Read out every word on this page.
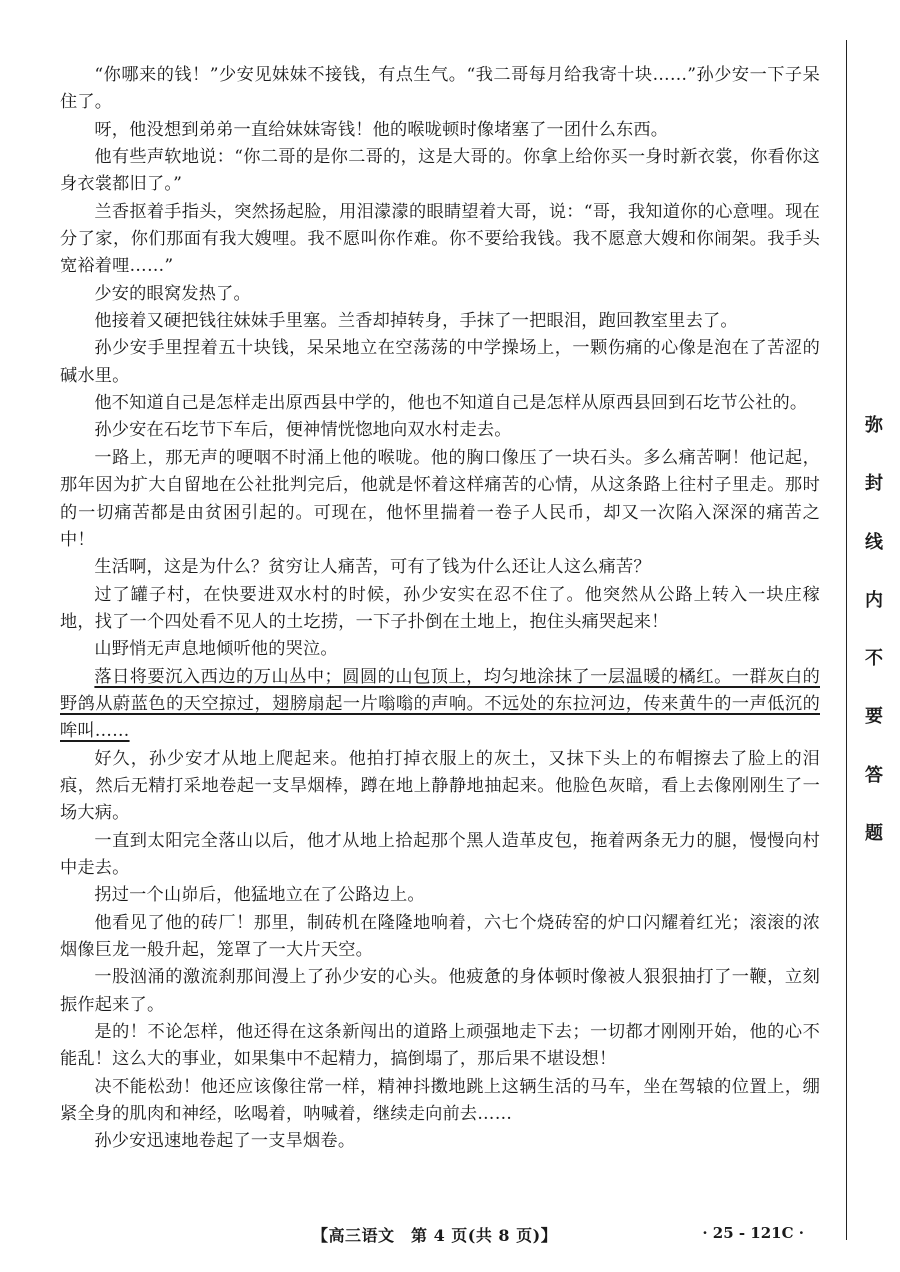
“你哪来的钱！”少安见妹妹不接钱，有点生气。“我二哥每月给我寄十块……”孙少安一下子呆住了。

呀，他没想到弟弟一直给妹妹寄钱！他的喉咙顿时像堵塞了一团什么东西。

他有些声软地说：“你二哥的是你二哥的，这是大哥的。你拿上给你买一身时新衣裳，你看你这身衣裳都旧了。”

兰香抠着手指头，突然扬起脸，用泪濛濛的眼睛望着大哥，说：“哥，我知道你的心意哩。现在分了家，你们那面有我大嫂哩。我不愿叫你作难。你不要给我钱。我不愿意大嫂和你闹架。我手头宽裕着哩……”

少安的眼窝发热了。

他接着又硬把钱往妹妹手里塞。兰香却掉转身，手抹了一把眼泪，跑回教室里去了。

孙少安手里捏着五十块钱，呆呆地立在空荡荡的中学操场上，一颗伤痛的心像是泡在了苦涩的碱水里。

他不知道自己是怎样走出原西县中学的，他也不知道自己是怎样从原西县回到石圪节公社的。

孙少安在石圪节下车后，便神情恍惚地向双水村走去。

一路上，那无声的哽咽不时涌上他的喉咙。他的胸口像压了一块石头。多么痛苦啊！他记起，那年因为扩大自留地在公社批判完后，他就是怀着这样痛苦的心情，从这条路上往村子里走。那时的一切痛苦都是由贫困引起的。可现在，他怀里揣着一卷子人民币，却又一次陷入深深的痛苦之中！

生活啊，这是为什么？贫穷让人痛苦，可有了钱为什么还让人这么痛苦？

过了罐子村，在快要进双水村的时候，孙少安实在忍不住了。他突然从公路上转入一块庄稼地，找了一个四处看不见人的土圪捞，一下子扑倒在土地上，抱住头痛哭起来！

山野悄无声息地倾听他的哭泣。

落日将要沉入西边的万山丛中；圆圆的山包顶上，均匀地涂抹了一层温暖的橘红。一群灰白的野鸽从蔚蓝色的天空掠过，翅膀扇起一片嗡嗡的声响。不远处的东拉河边，传来黄牛的一声低沉的哞叫……

好久，孙少安才从地上爬起来。他拍打掉衣服上的灰土，又抹下头上的布帽擦去了脸上的泪痕，然后无精打采地卷起一支旱烟棒，蹲在地上静静地抽起来。他脸色灰暗，看上去像刚刚生了一场大病。

一直到太阳完全落山以后，他才从地上拾起那个黑人造革皮包，拖着两条无力的腿，慢慢向村中走去。

拐过一个山峁后，他猛地立在了公路边上。

他看见了他的砖厂！那里，制砖机在隆隆地响着，六七个烧砖窑的炉口闪耀着红光；滚滚的浓烟像巨龙一般升起，笼罩了一大片天空。

一股汹涌的激流刹那间漫上了孙少安的心头。他疲惫的身体顿时像被人狠狠抽打了一鞭，立刻振作起来了。

是的！不论怎样，他还得在这条新闯出的道路上顽强地走下去；一切都才刚刚开始，他的心不能乱！这么大的事业，如果集中不起精力，搞倒塌了，那后果不堪设想！

决不能松劲！他还应该像往常一样，精神抖擞地跳上这辆生活的马车，坐在驾辕的位置上，绷紧全身的肌肉和神经，吆喝着，呐喊着，继续走向前去……

孙少安迅速地卷起了一支旱烟卷。

弥
封
线
内
不
要
答
题
【高三语文　第 4 页(共 8 页)】	· 25 - 121C ·
